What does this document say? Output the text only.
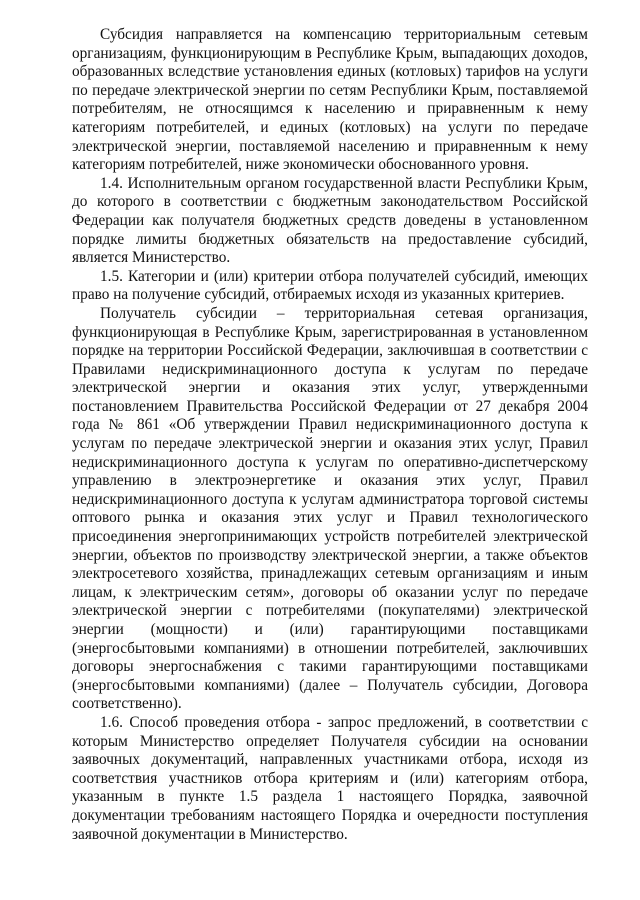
Субсидия направляется на компенсацию территориальным сетевым организациям, функционирующим в Республике Крым, выпадающих доходов, образованных вследствие установления единых (котловых) тарифов на услуги по передаче электрической энергии по сетям Республики Крым, поставляемой потребителям, не относящимся к населению и приравненным к нему категориям потребителей, и единых (котловых) на услуги по передаче электрической энергии, поставляемой населению и приравненным к нему категориям потребителей, ниже экономически обоснованного уровня.

1.4. Исполнительным органом государственной власти Республики Крым, до которого в соответствии с бюджетным законодательством Российской Федерации как получателя бюджетных средств доведены в установленном порядке лимиты бюджетных обязательств на предоставление субсидий, является Министерство.

1.5. Категории и (или) критерии отбора получателей субсидий, имеющих право на получение субсидий, отбираемых исходя из указанных критериев.

Получатель субсидии – территориальная сетевая организация, функционирующая в Республике Крым, зарегистрированная в установленном порядке на территории Российской Федерации, заключившая в соответствии с Правилами недискриминационного доступа к услугам по передаче электрической энергии и оказания этих услуг, утвержденными постановлением Правительства Российской Федерации от 27 декабря 2004 года № 861 «Об утверждении Правил недискриминационного доступа к услугам по передаче электрической энергии и оказания этих услуг, Правил недискриминационного доступа к услугам по оперативно-диспетчерскому управлению в электроэнергетике и оказания этих услуг, Правил недискриминационного доступа к услугам администратора торговой системы оптового рынка и оказания этих услуг и Правил технологического присоединения энергопринимающих устройств потребителей электрической энергии, объектов по производству электрической энергии, а также объектов электросетевого хозяйства, принадлежащих сетевым организациям и иным лицам, к электрическим сетям», договоры об оказании услуг по передаче электрической энергии с потребителями (покупателями) электрической энергии (мощности) и (или) гарантирующими поставщиками (энергосбытовыми компаниями) в отношении потребителей, заключивших договоры энергоснабжения с такими гарантирующими поставщиками (энергосбытовыми компаниями) (далее – Получатель субсидии, Договора соответственно).

1.6. Способ проведения отбора - запрос предложений, в соответствии с которым Министерство определяет Получателя субсидии на основании заявочных документаций, направленных участниками отбора, исходя из соответствия участников отбора критериям и (или) категориям отбора, указанным в пункте 1.5 раздела 1 настоящего Порядка, заявочной документации требованиям настоящего Порядка и очередности поступления заявочной документации в Министерство.
